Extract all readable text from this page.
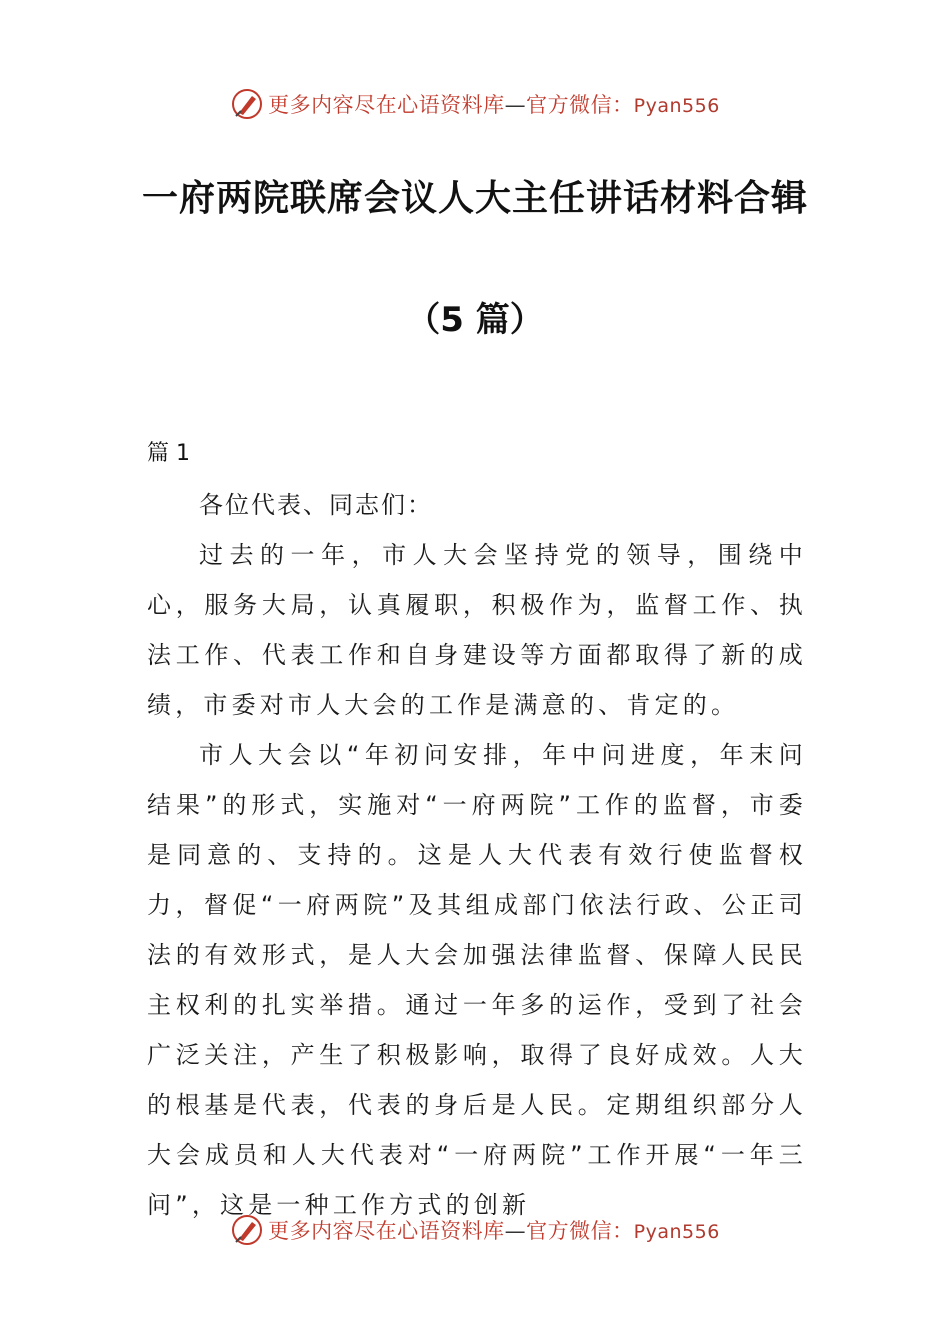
更多内容尽在心语资料库—官方微信：Pyan556
一府两院联席会议人大主任讲话材料合辑
（5 篇）
篇 1
各位代表、同志们：

过去的一年，市人大会坚持党的领导，围绕中心，服务大局，认真履职，积极作为，监督工作、执法工作、代表工作和自身建设等方面都取得了新的成绩，市委对市人大会的工作是满意的、肯定的。

市人大会以“年初问安排，年中问进度，年末问结果”的形式，实施对“一府两院”工作的监督，市委是同意的、支持的。这是人大代表有效行使监督权力，督促“一府两院”及其组成部门依法行政、公正司法的有效形式，是人大会加强法律监督、保障人民民主权利的扎实举措。通过一年多的运作，受到了社会广泛关注，产生了积极影响，取得了良好成效。人大的根基是代表，代表的身后是人民。定期组织部分人大会成员和人大代表对“一府两院”工作开展“一年三问”，这是一种工作方式的创新

更多内容尽在心语资料库—官方微信：Pyan556
